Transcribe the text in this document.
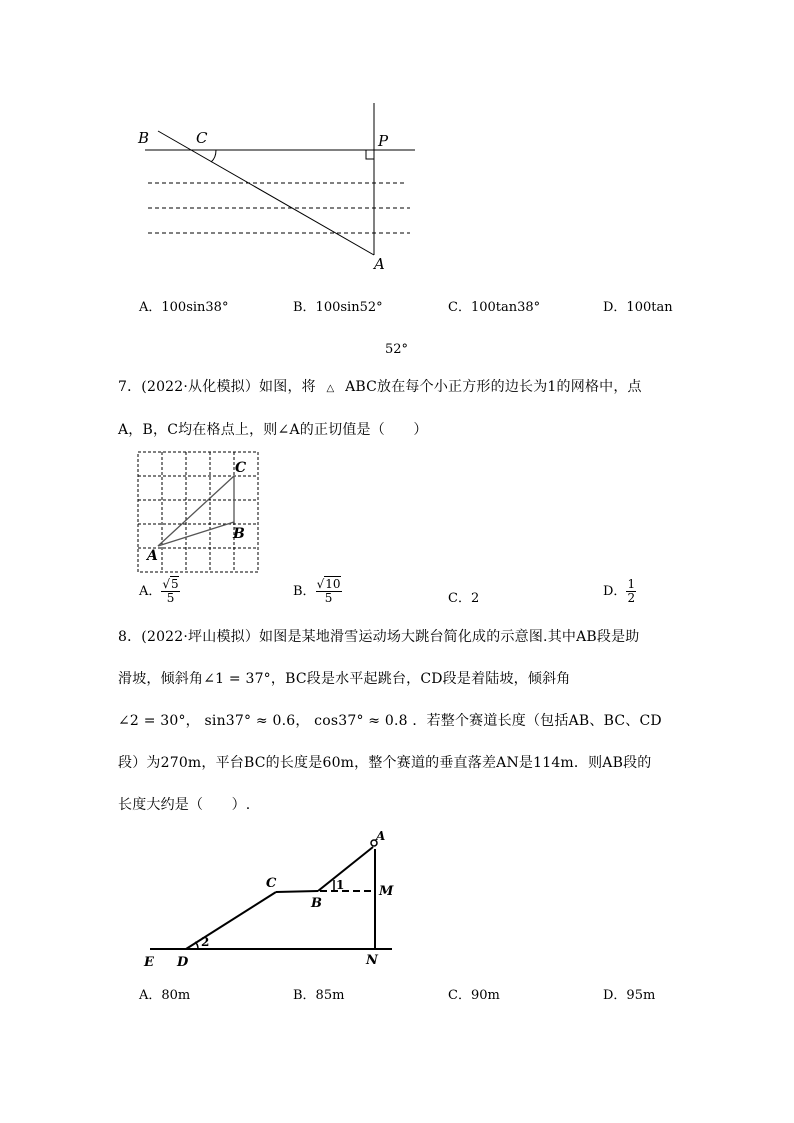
B	C	P
A
A．100sin38°	B．100sin52°	C．100tan38°	D．100tan
52°
7．(2022·从化模拟）如图，将 △ ABC放在每个小正方形的边长为1的网格中，点
A，B，C均在格点上，则∠A的正切值是（　　）
C
B
A
A． $\frac{√5}{5}$	B． $\frac{√10}{5}$	C．2	D． $\frac{1}{2}$
8．(2022·坪山模拟）如图是某地滑雪运动场大跳台简化成的示意图.其中AB段是助
滑坡，倾斜角∠1 = 37°，BC段是水平起跳台，CD段是着陆坡，倾斜角
∠2 = 30°， sin37° ≈ 0.6， cos37° ≈ 0.8 ．若整个赛道长度（包括AB、BC、CD
段）为270m，平台BC的长度是60m，整个赛道的垂直落差AN是114m．则AB段的
长度大约是（　　）.
A
C
M
B
1
2
E D	N
A．80m	B．85m	C．90m	D．95m
